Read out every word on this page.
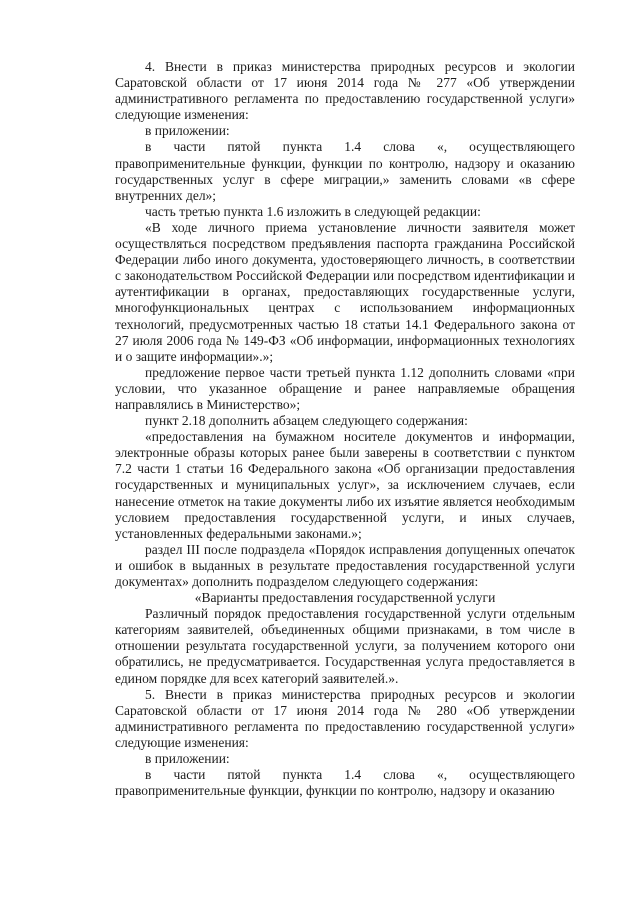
4. Внести в приказ министерства природных ресурсов и экологии Саратовской области от 17 июня 2014 года № 277 «Об утверждении административного регламента по предоставлению государственной услуги» следующие изменения:

в приложении:

в части пятой пункта 1.4 слова «, осуществляющего правоприменительные функции, функции по контролю, надзору и оказанию государственных услуг в сфере миграции,» заменить словами «в сфере внутренних дел»;

часть третью пункта 1.6 изложить в следующей редакции:

«В ходе личного приема установление личности заявителя может осуществляться посредством предъявления паспорта гражданина Российской Федерации либо иного документа, удостоверяющего личность, в соответствии с законодательством Российской Федерации или посредством идентификации и аутентификации в органах, предоставляющих государственные услуги, многофункциональных центрах с использованием информационных технологий, предусмотренных частью 18 статьи 14.1 Федерального закона от 27 июля 2006 года № 149-ФЗ «Об информации, информационных технологиях и о защите информации».»;

предложение первое части третьей пункта 1.12 дополнить словами «при условии, что указанное обращение и ранее направляемые обращения направлялись в Министерство»;

пункт 2.18 дополнить абзацем следующего содержания:

«предоставления на бумажном носителе документов и информации, электронные образы которых ранее были заверены в соответствии с пунктом 7.2 части 1 статьи 16 Федерального закона «Об организации предоставления государственных и муниципальных услуг», за исключением случаев, если нанесение отметок на такие документы либо их изъятие является необходимым условием предоставления государственной услуги, и иных случаев, установленных федеральными законами.»;

раздел III после подраздела «Порядок исправления допущенных опечаток и ошибок в выданных в результате предоставления государственной услуги документах» дополнить подразделом следующего содержания:

«Варианты предоставления государственной услуги

Различный порядок предоставления государственной услуги отдельным категориям заявителей, объединенных общими признаками, в том числе в отношении результата государственной услуги, за получением которого они обратились, не предусматривается. Государственная услуга предоставляется в едином порядке для всех категорий заявителей.».

5. Внести в приказ министерства природных ресурсов и экологии Саратовской области от 17 июня 2014 года № 280 «Об утверждении административного регламента по предоставлению государственной услуги» следующие изменения:

в приложении:

в части пятой пункта 1.4 слова «, осуществляющего правоприменительные функции, функции по контролю, надзору и оказанию
